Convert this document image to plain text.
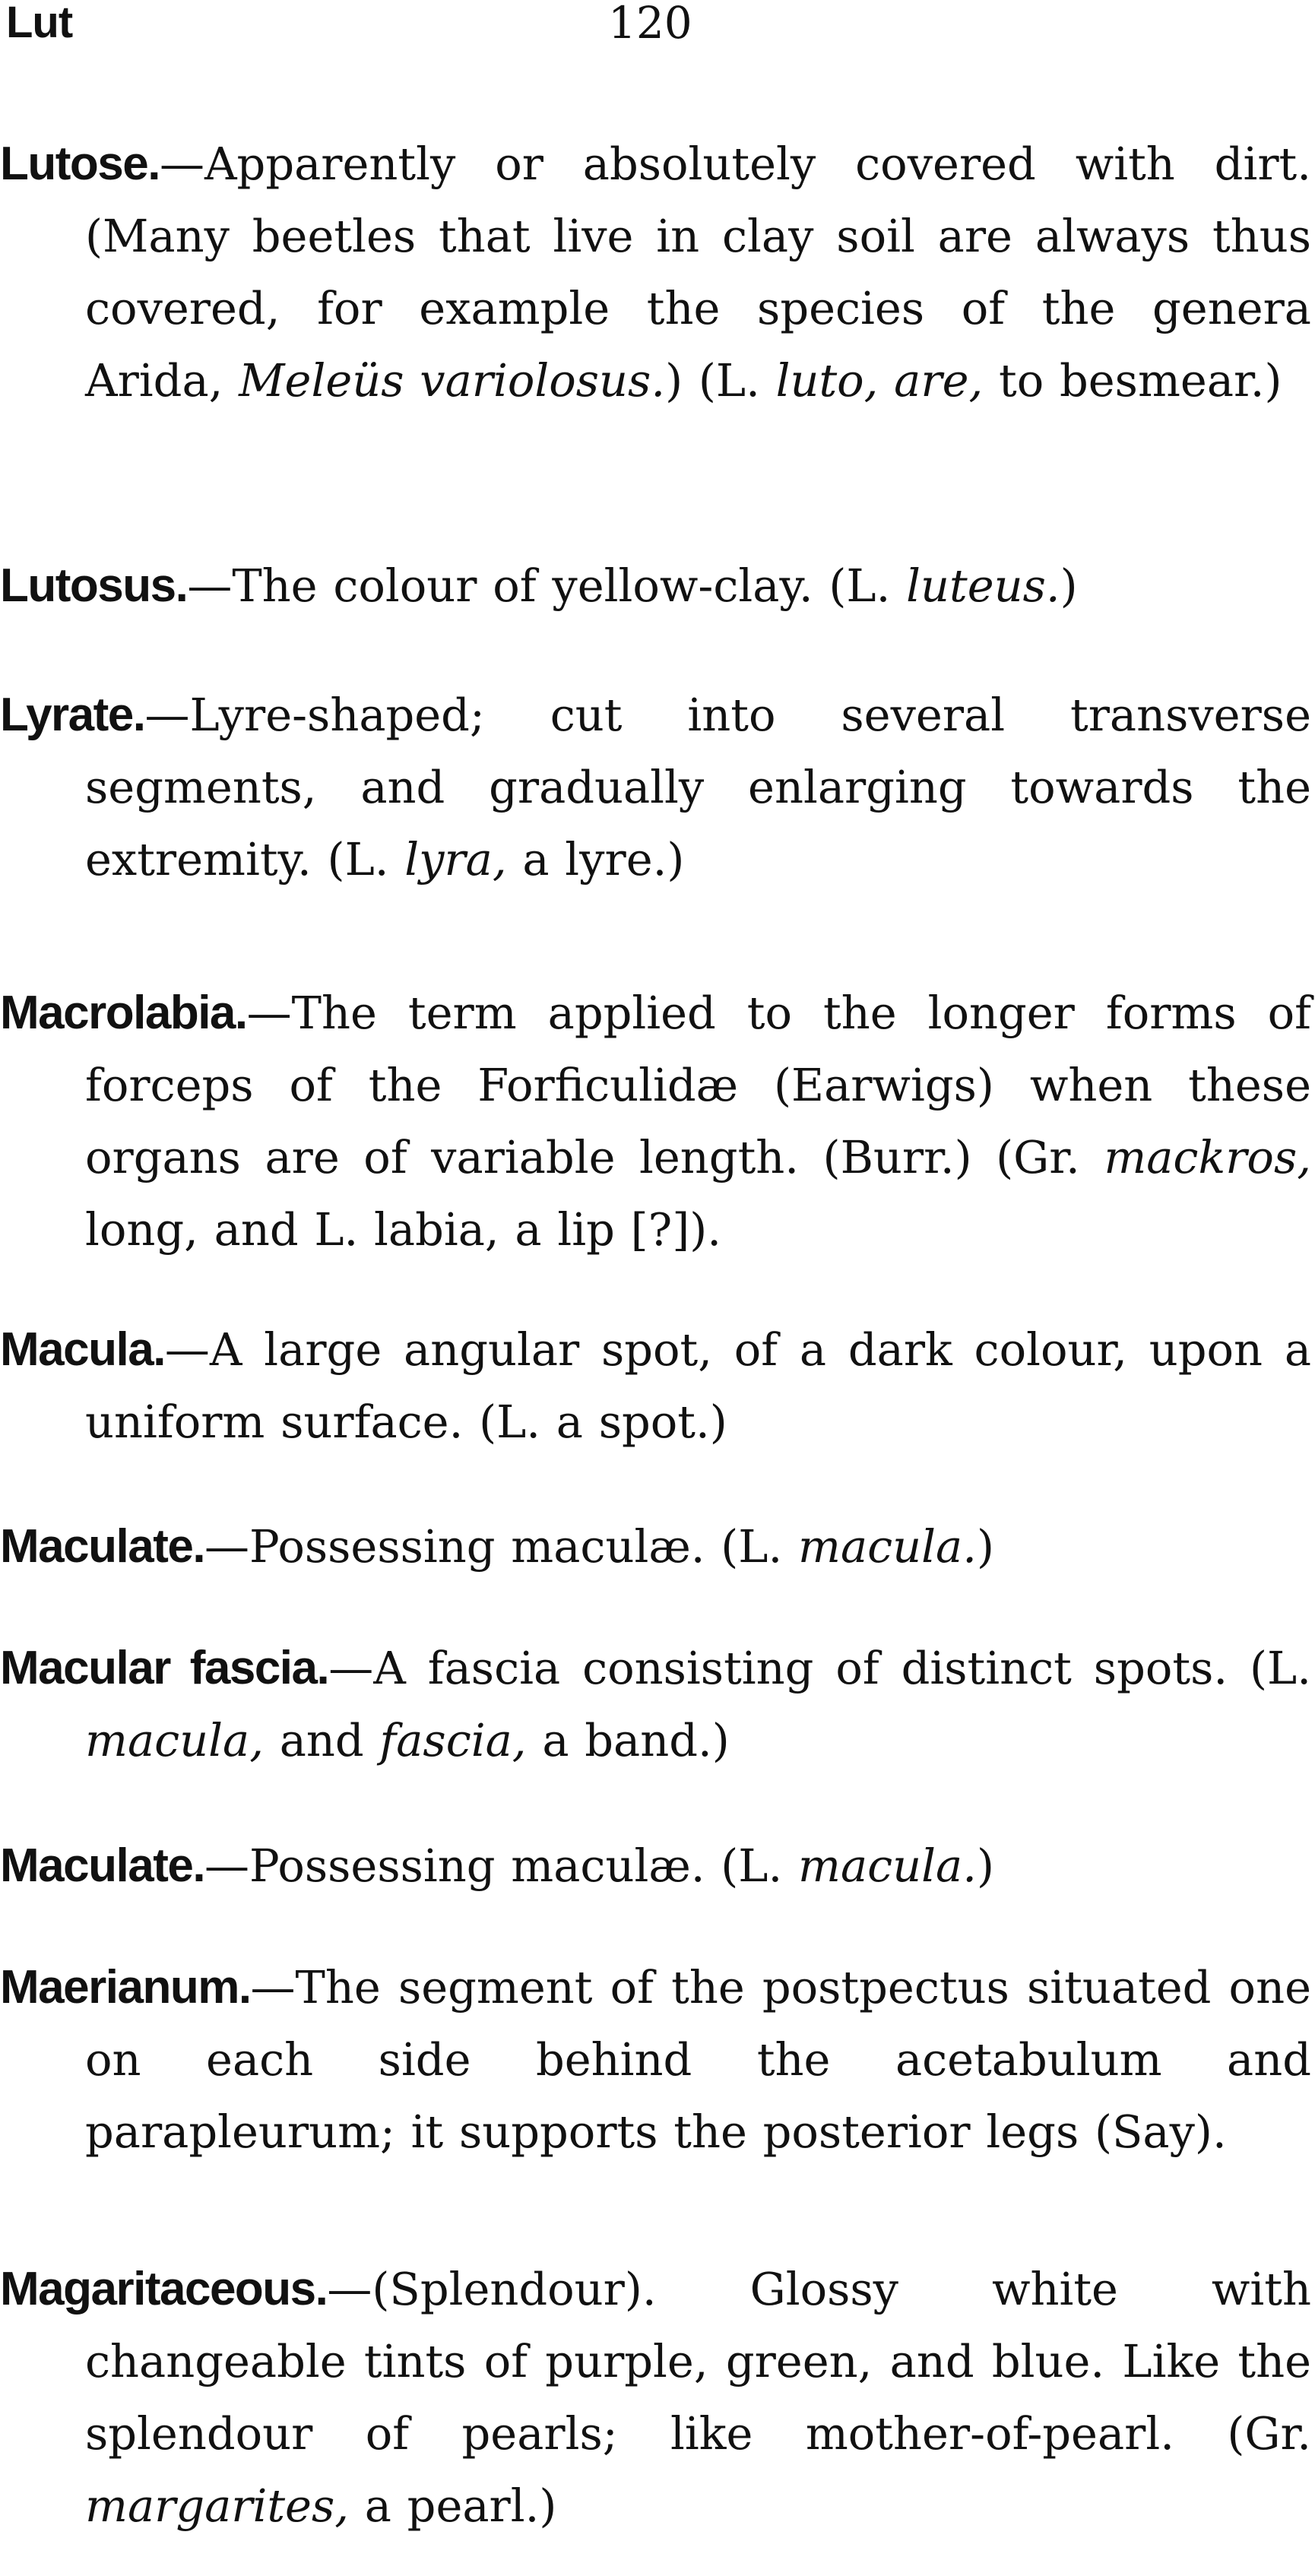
Lut	120

Lutose.—Apparently or absolutely covered with dirt. (Many beetles that live in clay soil are always thus covered, for example the species of the genera Arida, Meleüs variolosus.) (L. luto, are, to besmear.)

Lutosus.—The colour of yellow-clay. (L. luteus.)

Lyrate.—Lyre-shaped; cut into several transverse segments, and gradually enlarging towards the extremity. (L. lyra, a lyre.)

Macrolabia.—The term applied to the longer forms of forceps of the Forficulidæ (Earwigs) when these organs are of variable length. (Burr.) (Gr. mackros, long, and L. labia, a lip [?]).

Macula.—A large angular spot, of a dark colour, upon a uniform surface. (L. a spot.)

Maculate.—Possessing maculæ. (L. macula.)

Macular fascia.—A fascia consisting of distinct spots. (L. macula, and fascia, a band.)

Maculate.—Possessing maculæ. (L. macula.)

Maerianum.—The segment of the postpectus situated one on each side behind the acetabulum and parapleurum; it supports the posterior legs (Say).

Magaritaceous.—(Splendour). Glossy white with changeable tints of purple, green, and blue. Like the splendour of pearls; like mother-of-pearl. (Gr. margarites, a pearl.)
